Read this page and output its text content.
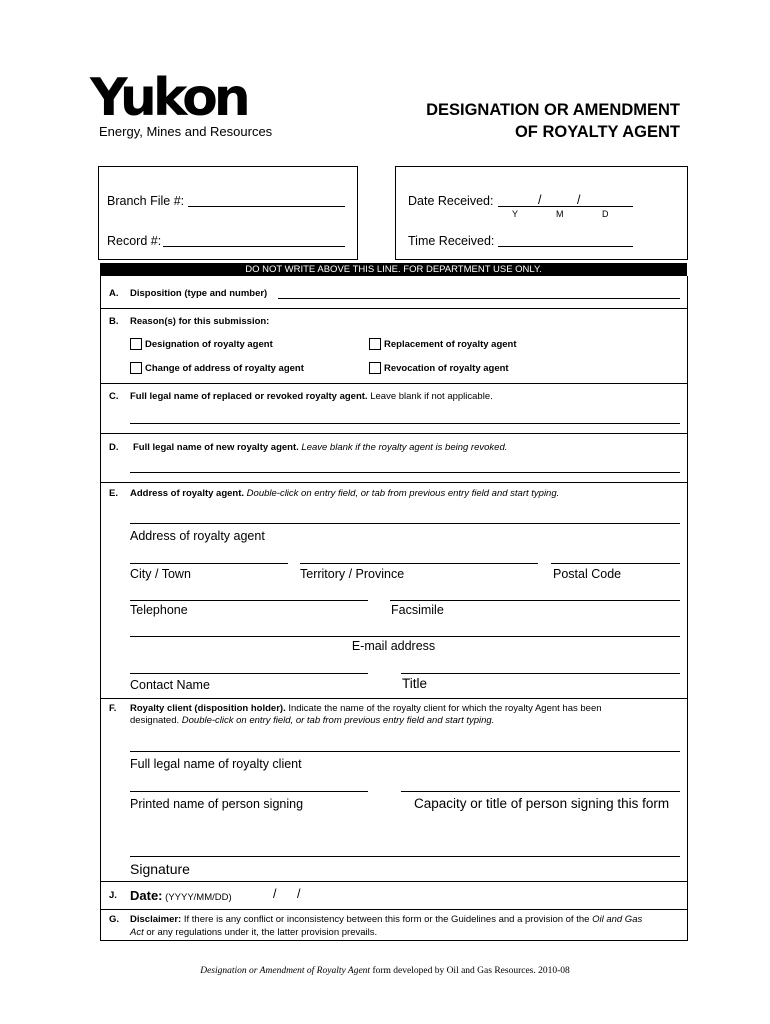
Yukon
Energy, Mines and Resources
DESIGNATION OR AMENDMENT
OF ROYALTY AGENT
Branch File #:
Record #:
Date Received:	/	/
Y	M	D
Time Received:
DO NOT WRITE ABOVE THIS LINE. FOR DEPARTMENT USE ONLY.
A. Disposition (type and number)
B. Reason(s) for this submission:
Designation of royalty agent	Replacement of royalty agent
Change of address of royalty agent	Revocation of royalty agent
C. Full legal name of replaced or revoked royalty agent. Leave blank if not applicable.
D. Full legal name of new royalty agent. Leave blank if the royalty agent is being revoked.
E. Address of royalty agent. Double-click on entry field, or tab from previous entry field and start typing.
Address of royalty agent
City / Town	Territory / Province	Postal Code
Telephone	Facsimile
E-mail address
Contact Name	Title
F. Royalty client (disposition holder). Indicate the name of the royalty client for which the royalty Agent has been
designated. Double-click on entry field, or tab from previous entry field and start typing.
Full legal name of royalty client
Printed name of person signing	Capacity or title of person signing this form
Signature
J. Date: (YYYY/MM/DD)	/ /
G. Disclaimer: If there is any conflict or inconsistency between this form or the Guidelines and a provision of the Oil and Gas
Act or any regulations under it, the latter provision prevails.
Designation or Amendment of Royalty Agent form developed by Oil and Gas Resources. 2010-08
